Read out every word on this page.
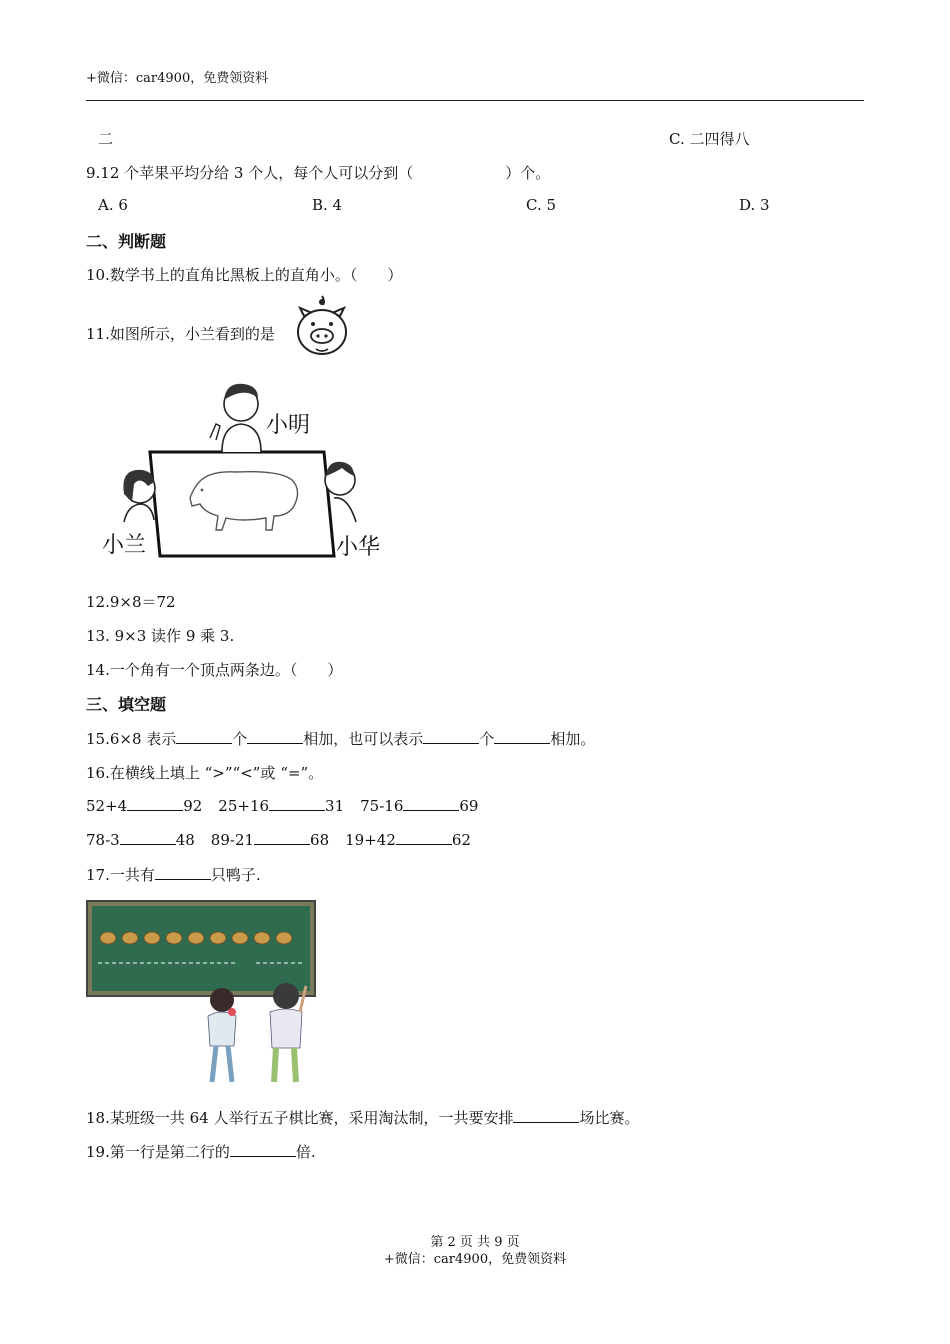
+微信：car4900，免费领资料
二	C. 二四得八
9.12 个苹果平均分给 3 个人，每个人可以分到（	）个。
A. 6	B. 4	C. 5	D. 3
二、判断题
10.数学书上的直角比黑板上的直角小。（　　）
11.如图所示，小兰看到的是
小明
小兰	小华
12.9×8＝72
13. 9×3 读作 9 乘 3.
14.一个角有一个顶点两条边。（　　）
三、填空题
15.6×8 表示	个	相加，也可以表示	个	相加。
16.在横线上填上 “>”“<”或 “=”。
52+4	92 25+16	31 75-16	69
78-3	48 89-21	68 19+42	62
17.一共有	只鸭子.
18.某班级一共 64 人举行五子棋比赛，采用淘汰制，一共要安排	场比赛。
19.第一行是第二行的	倍.
第 2 页 共 9 页
+微信：car4900，免费领资料
